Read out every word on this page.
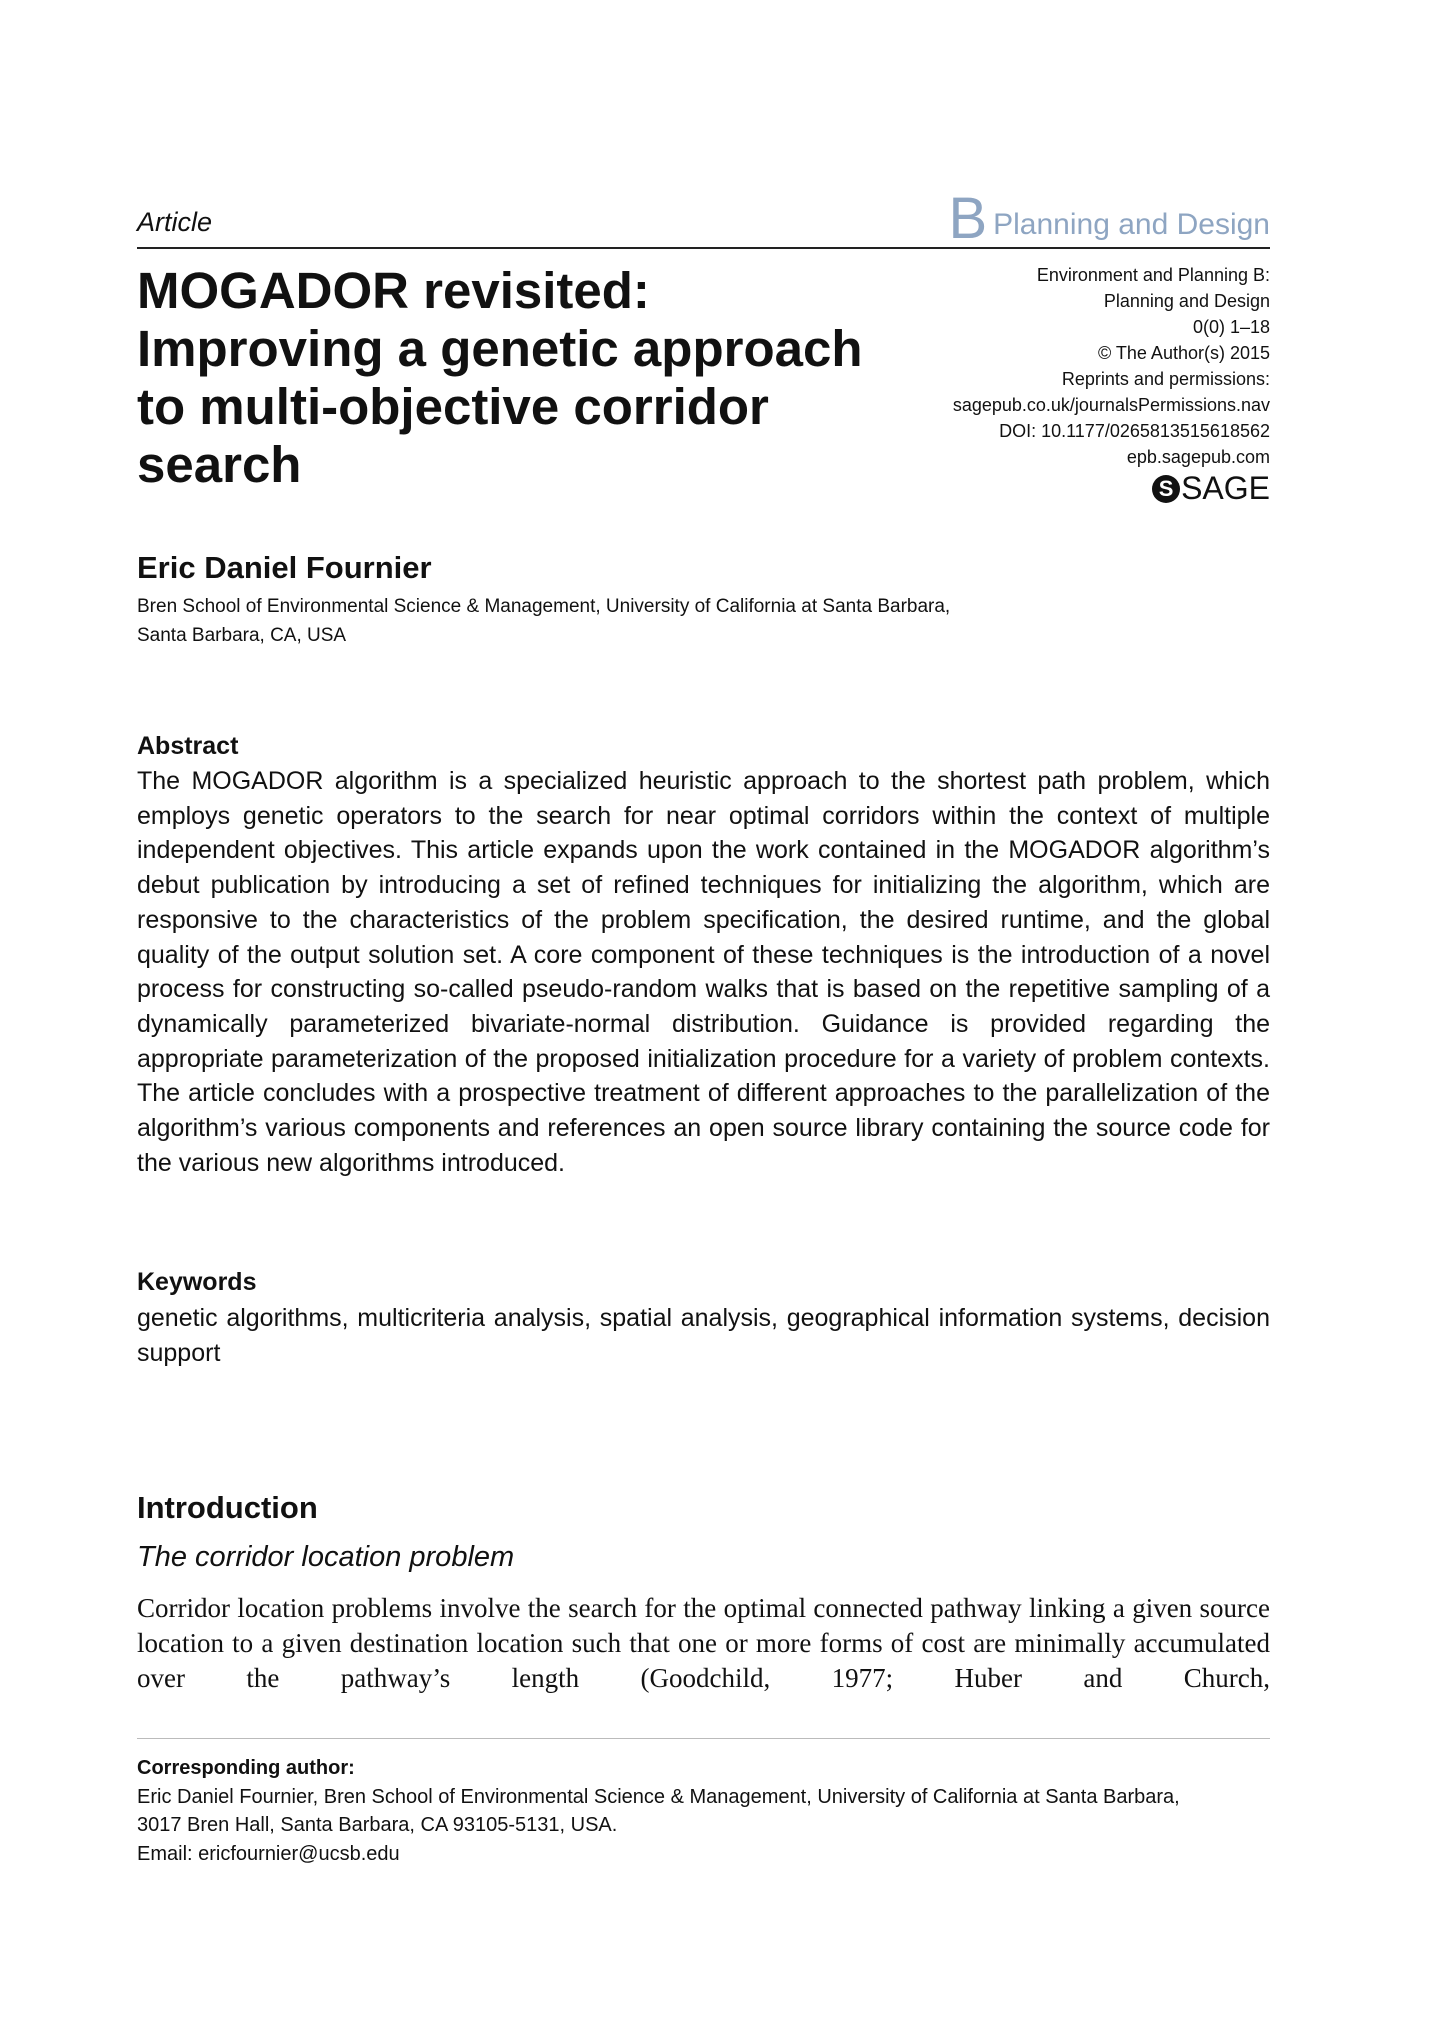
Article	B Planning and Design
MOGADOR revisited: Improving a genetic approach to multi-objective corridor search
Environment and Planning B:
Planning and Design
0(0) 1–18
© The Author(s) 2015
Reprints and permissions:
sagepub.co.uk/journalsPermissions.nav
DOI: 10.1177/0265813515618562
epb.sagepub.com
S SAGE
Eric Daniel Fournier
Bren School of Environmental Science & Management, University of California at Santa Barbara,
Santa Barbara, CA, USA
Abstract
The MOGADOR algorithm is a specialized heuristic approach to the shortest path problem, which employs genetic operators to the search for near optimal corridors within the context of multiple independent objectives. This article expands upon the work contained in the MOGADOR algorithm’s debut publication by introducing a set of refined techniques for initializing the algorithm, which are responsive to the characteristics of the problem specification, the desired runtime, and the global quality of the output solution set. A core component of these techniques is the introduction of a novel process for constructing so-called pseudo-random walks that is based on the repetitive sampling of a dynamically parameterized bivariate-normal distribution. Guidance is provided regarding the appropriate parameterization of the proposed initialization procedure for a variety of problem contexts. The article concludes with a prospective treatment of different approaches to the parallelization of the algorithm’s various components and references an open source library containing the source code for the various new algorithms introduced.
Keywords
genetic algorithms, multicriteria analysis, spatial analysis, geographical information systems, decision support
Introduction
The corridor location problem
Corridor location problems involve the search for the optimal connected pathway linking a given source location to a given destination location such that one or more forms of cost are minimally accumulated over the pathway’s length (Goodchild, 1977; Huber and Church,
Corresponding author:
Eric Daniel Fournier, Bren School of Environmental Science & Management, University of California at Santa Barbara,
3017 Bren Hall, Santa Barbara, CA 93105-5131, USA.
Email: ericfournier@ucsb.edu
